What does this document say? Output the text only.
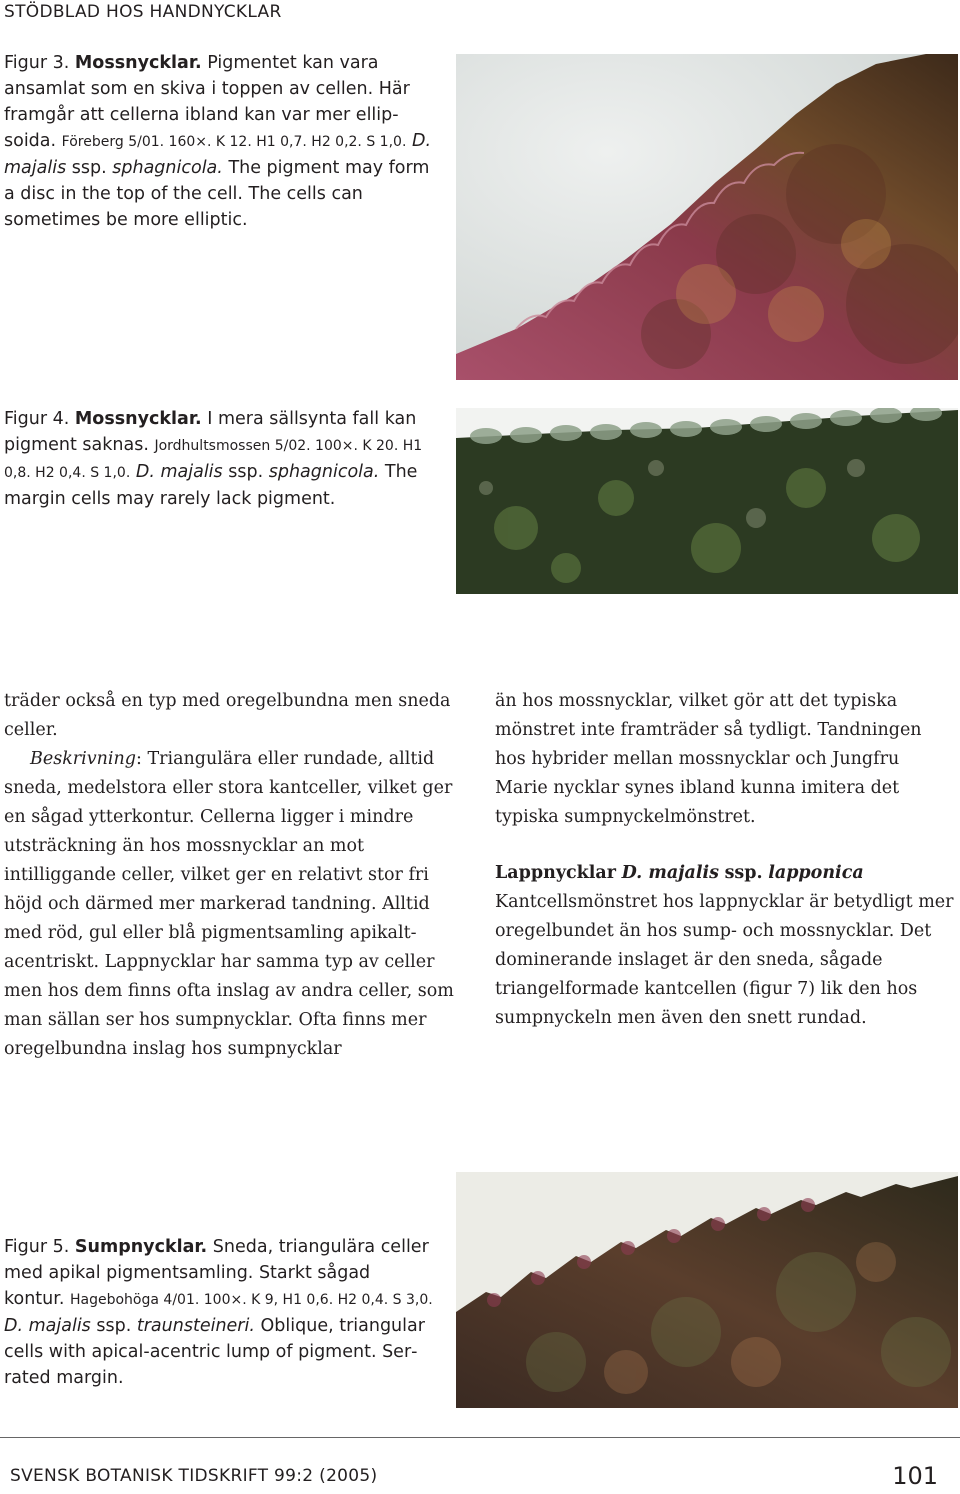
STÖDBLAD HOS HANDNYCKLAR

Figur 3. Mossnycklar. Pigmentet kan vara ansamlat som en skiva i toppen av cellen. Här framgår att cellerna ibland kan var mer ellipsoida. Föreberg 5/01. 160×. K 12. H1 0,7. H2 0,2. S 1,0. D. majalis ssp. sphagnicola. The pigment may form a disc in the top of the cell. The cells can sometimes be more elliptic.

Figur 4. Mossnycklar. I mera sällsynta fall kan pigment saknas. Jordhultsmossen 5/02. 100×. K 20. H1 0,8. H2 0,4. S 1,0. D. majalis ssp. sphagnicola. The margin cells may rarely lack pigment.

träder också en typ med oregelbundna men sneda celler.

Beskrivning: Triangulära eller rundade, alltid sneda, medelstora eller stora kantceller, vilket ger en sågad ytterkontur. Cellerna ligger i mindre utsträckning än hos mossnycklar an mot intilliggande celler, vilket ger en relativt stor fri höjd och därmed mer markerad tandning. Alltid med röd, gul eller blå pigmentsamling apikaltacentriskt. Lappnycklar har samma typ av celler men hos dem finns ofta inslag av andra celler, som man sällan ser hos sumpnycklar. Ofta finns mer oregelbundna inslag hos sumpnycklar

än hos mossnycklar, vilket gör att det typiska mönstret inte framträder så tydligt. Tandningen hos hybrider mellan mossnycklar och Jungfru Marie nycklar synes ibland kunna imitera det typiska sumpnyckelmönstret.

Lappnycklar D. majalis ssp. lapponica

Kantcellsmönstret hos lappnycklar är betydligt mer oregelbundet än hos sump- och mossnycklar. Det dominerande inslaget är den sneda, sågade triangelformade kantcellen (figur 7) lik den hos sumpnyckeln men även den snett rundad.

Figur 5. Sumpnycklar. Sneda, triangulära celler med apikal pigmentsamling. Starkt sågad kontur. Hagebohöga 4/01. 100×. K 9, H1 0,6. H2 0,4. S 3,0. D. majalis ssp. traunsteineri. Oblique, triangular cells with apical-acentric lump of pigment. Serrated margin.

SVENSK BOTANISK TIDSKRIFT 99:2 (2005)	101
